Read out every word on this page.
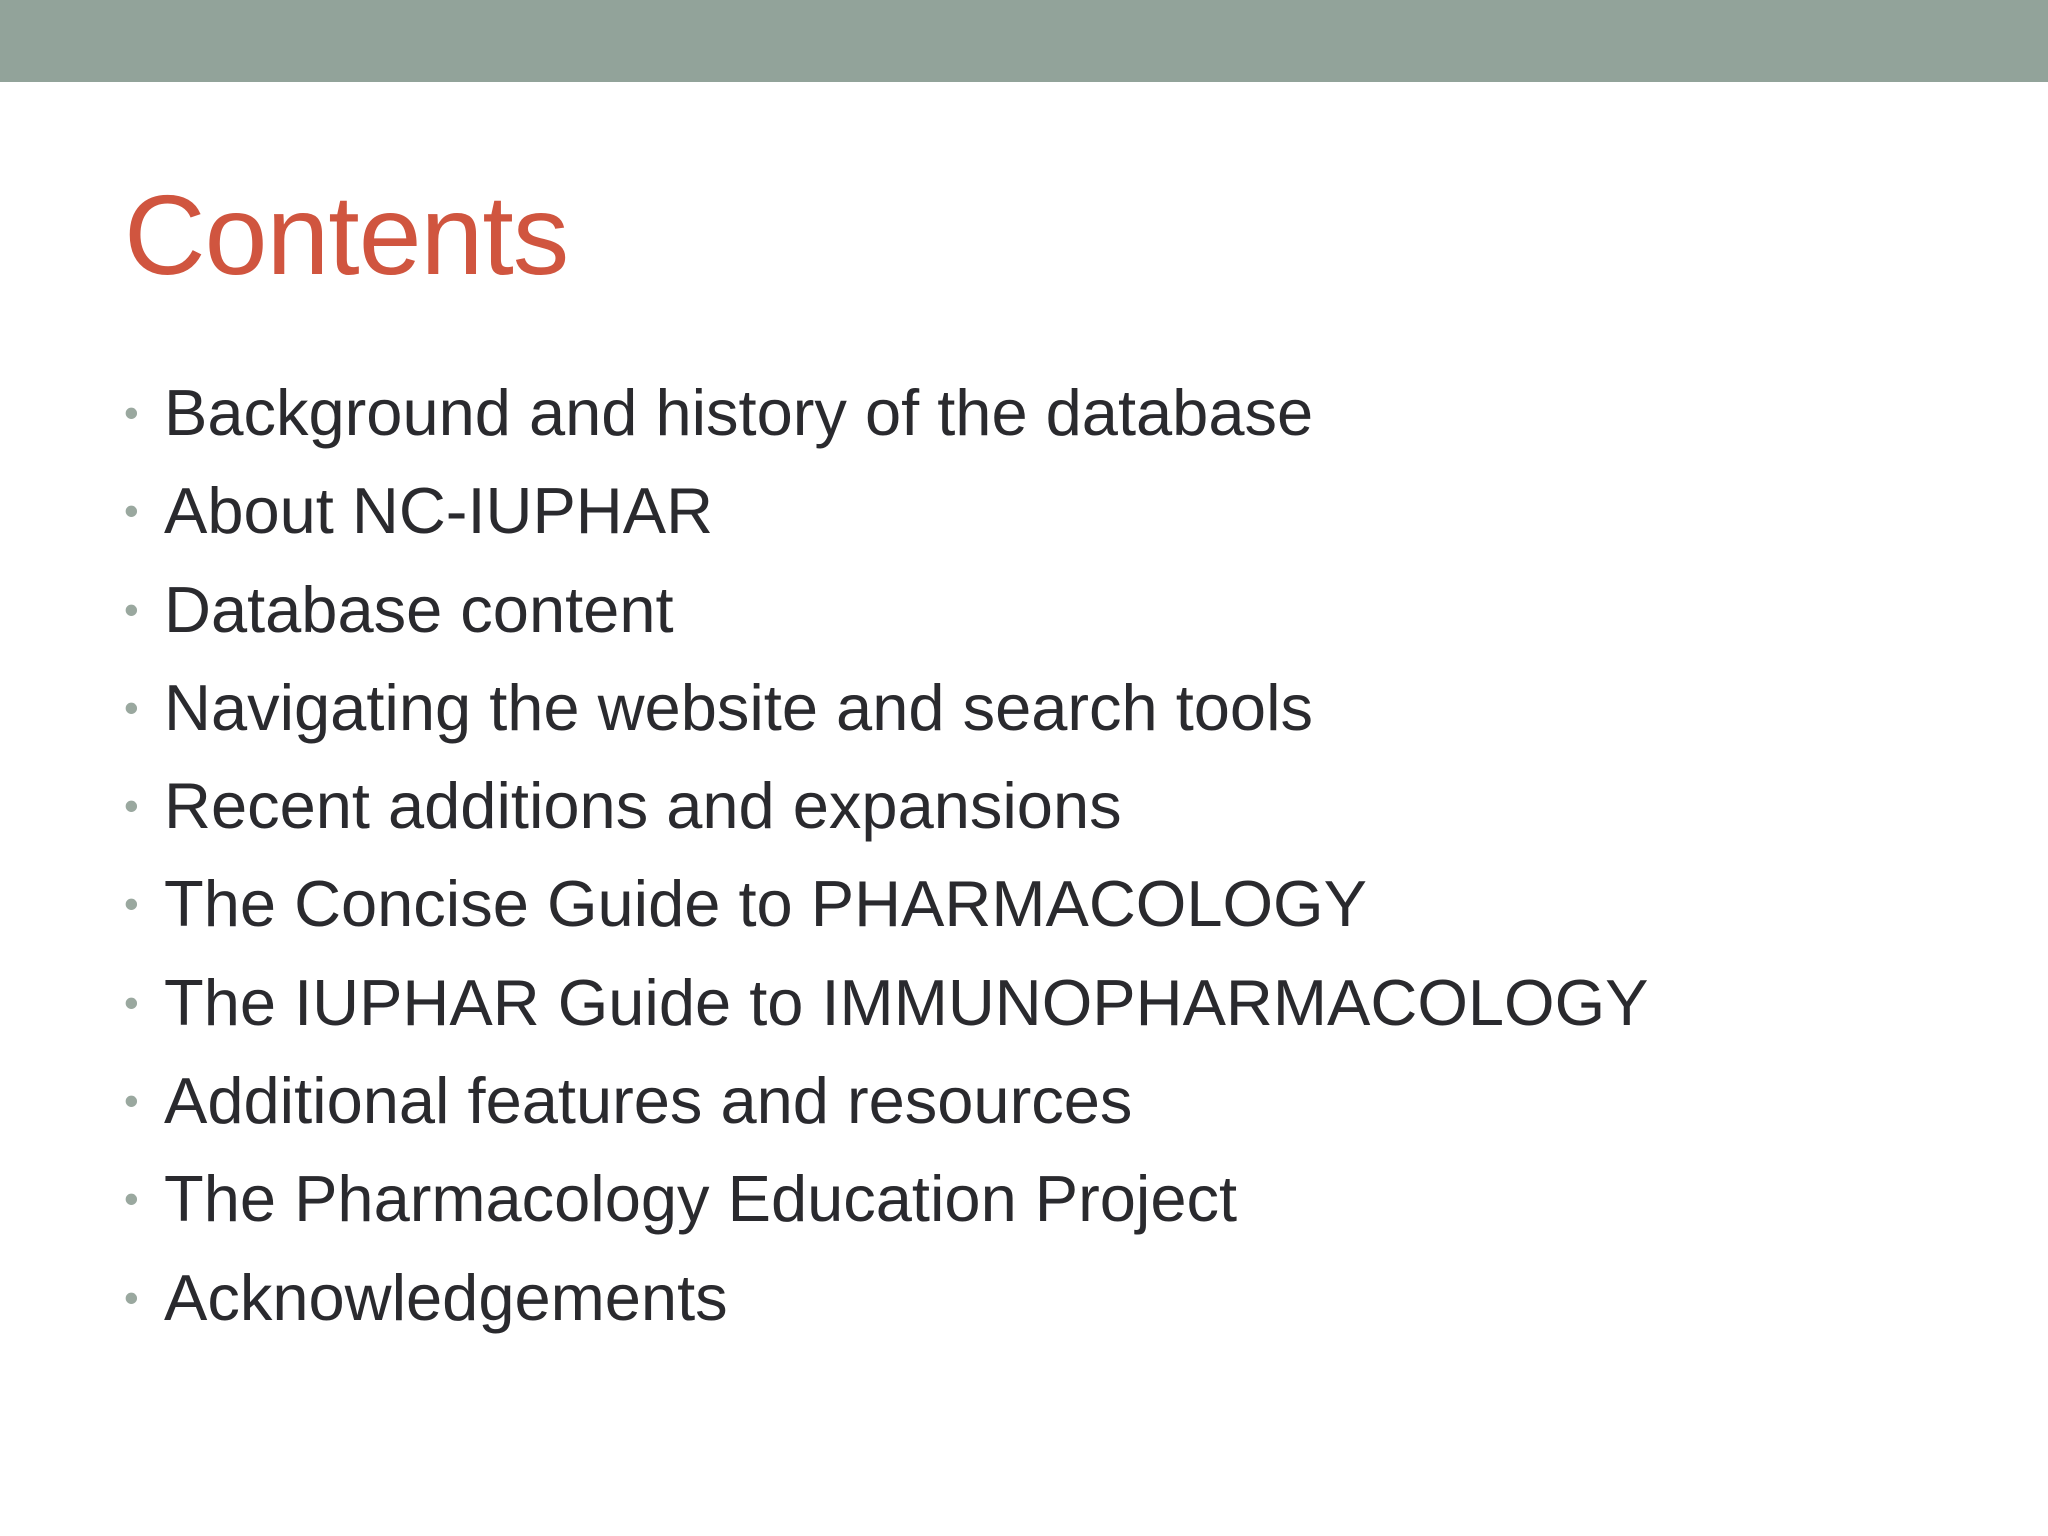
Contents
• Background and history of the database
• About NC-IUPHAR
• Database content
• Navigating the website and search tools
• Recent additions and expansions
• The Concise Guide to PHARMACOLOGY
• The IUPHAR Guide to IMMUNOPHARMACOLOGY
• Additional features and resources
• The Pharmacology Education Project
• Acknowledgements
